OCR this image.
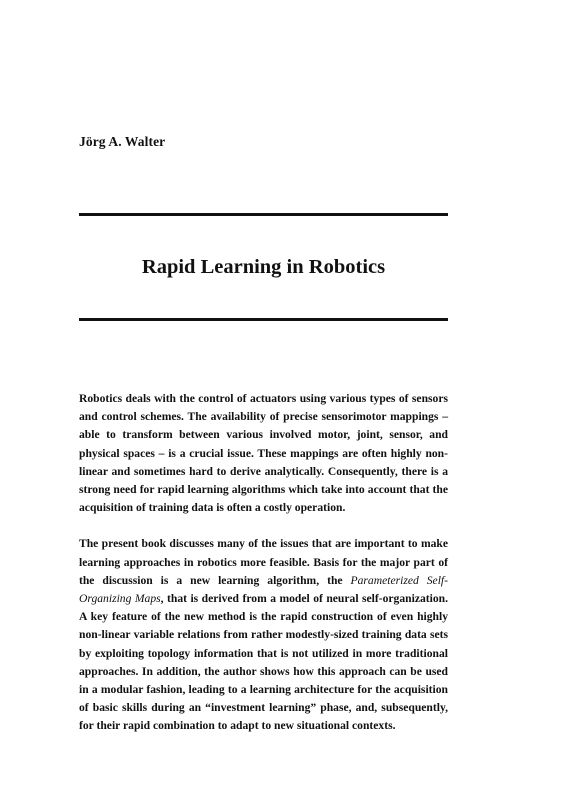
Jörg A. Walter
Rapid Learning in Robotics

Robotics deals with the control of actuators using various types of sensors and control schemes. The availability of precise sensorimotor mappings – able to transform between various involved motor, joint, sensor, and physical spaces – is a crucial issue. These mappings are often highly non-linear and sometimes hard to derive analytically. Consequently, there is a strong need for rapid learning algorithms which take into account that the acquisition of training data is often a costly operation.

The present book discusses many of the issues that are important to make learning approaches in robotics more feasible. Basis for the major part of the discussion is a new learning algorithm, the Parameterized Self-Organizing Maps, that is derived from a model of neural self-organization. A key feature of the new method is the rapid construction of even highly non-linear variable relations from rather modestly-sized training data sets by exploiting topology information that is not utilized in more traditional approaches. In addition, the author shows how this approach can be used in a modular fashion, leading to a learning architecture for the acquisition of basic skills during an “investment learning” phase, and, subsequently, for their rapid combination to adapt to new situational contexts.
